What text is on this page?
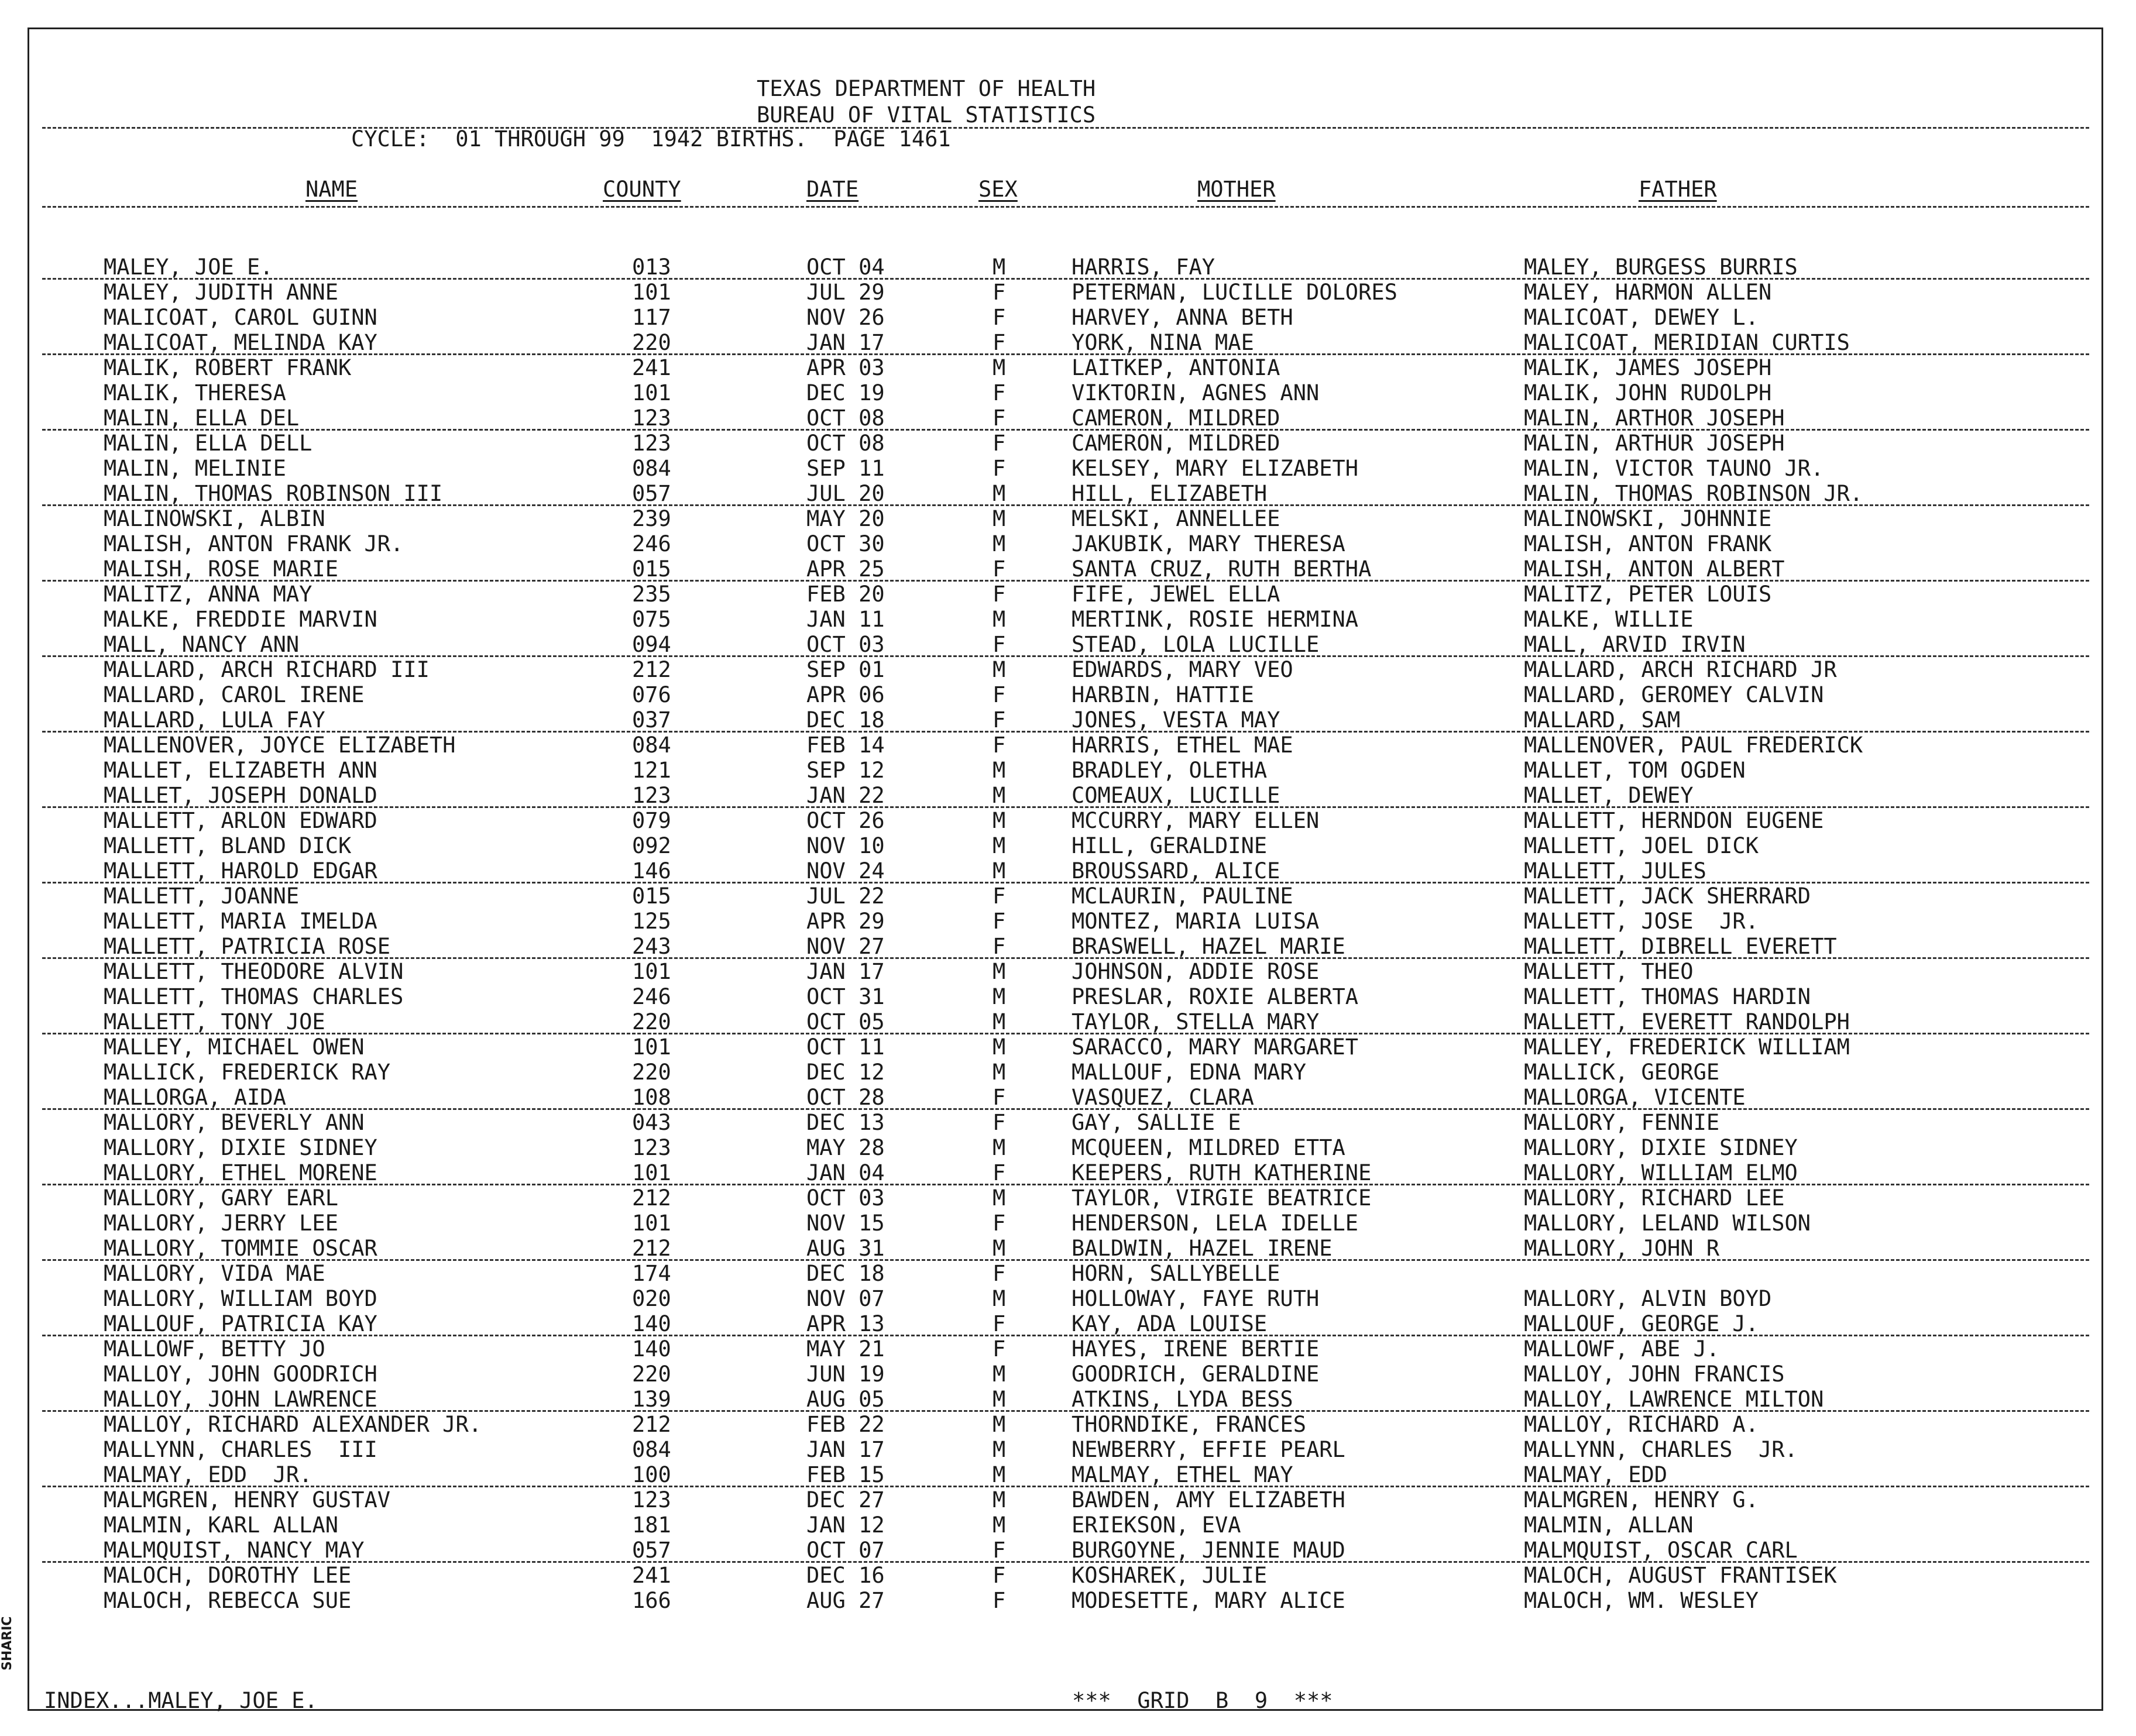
TEXAS DEPARTMENT OF HEALTH
BUREAU OF VITAL STATISTICS
CYCLE:  01 THROUGH 99  1942 BIRTHS.  PAGE 1461
NAME	COUNTY	DATE	SEX	MOTHER	FATHER
MALEY, JOE E.	013	OCT 04	M	HARRIS, FAY	MALEY, BURGESS BURRIS
MALEY, JUDITH ANNE	101	JUL 29	F	PETERMAN, LUCILLE DOLORES	MALEY, HARMON ALLEN
MALICOAT, CAROL GUINN	117	NOV 26	F	HARVEY, ANNA BETH	MALICOAT, DEWEY L.
MALICOAT, MELINDA KAY	220	JAN 17	F	YORK, NINA MAE	MALICOAT, MERIDIAN CURTIS
MALIK, ROBERT FRANK	241	APR 03	M	LAITKEP, ANTONIA	MALIK, JAMES JOSEPH
MALIK, THERESA	101	DEC 19	F	VIKTORIN, AGNES ANN	MALIK, JOHN RUDOLPH
MALIN, ELLA DEL	123	OCT 08	F	CAMERON, MILDRED	MALIN, ARTHOR JOSEPH
MALIN, ELLA DELL	123	OCT 08	F	CAMERON, MILDRED	MALIN, ARTHUR JOSEPH
MALIN, MELINIE	084	SEP 11	F	KELSEY, MARY ELIZABETH	MALIN, VICTOR TAUNO JR.
MALIN, THOMAS ROBINSON III	057	JUL 20	M	HILL, ELIZABETH	MALIN, THOMAS ROBINSON JR.
MALINOWSKI, ALBIN	239	MAY 20	M	MELSKI, ANNELLEE	MALINOWSKI, JOHNNIE
MALISH, ANTON FRANK JR.	246	OCT 30	M	JAKUBIK, MARY THERESA	MALISH, ANTON FRANK
MALISH, ROSE MARIE	015	APR 25	F	SANTA CRUZ, RUTH BERTHA	MALISH, ANTON ALBERT
MALITZ, ANNA MAY	235	FEB 20	F	FIFE, JEWEL ELLA	MALITZ, PETER LOUIS
MALKE, FREDDIE MARVIN	075	JAN 11	M	MERTINK, ROSIE HERMINA	MALKE, WILLIE
MALL, NANCY ANN	094	OCT 03	F	STEAD, LOLA LUCILLE	MALL, ARVID IRVIN
MALLARD, ARCH RICHARD III	212	SEP 01	M	EDWARDS, MARY VEO	MALLARD, ARCH RICHARD JR
MALLARD, CAROL IRENE	076	APR 06	F	HARBIN, HATTIE	MALLARD, GEROMEY CALVIN
MALLARD, LULA FAY	037	DEC 18	F	JONES, VESTA MAY	MALLARD, SAM
MALLENOVER, JOYCE ELIZABETH	084	FEB 14	F	HARRIS, ETHEL MAE	MALLENOVER, PAUL FREDERICK
MALLET, ELIZABETH ANN	121	SEP 12	M	BRADLEY, OLETHA	MALLET, TOM OGDEN
MALLET, JOSEPH DONALD	123	JAN 22	M	COMEAUX, LUCILLE	MALLET, DEWEY
MALLETT, ARLON EDWARD	079	OCT 26	M	MCCURRY, MARY ELLEN	MALLETT, HERNDON EUGENE
MALLETT, BLAND DICK	092	NOV 10	M	HILL, GERALDINE	MALLETT, JOEL DICK
MALLETT, HAROLD EDGAR	146	NOV 24	M	BROUSSARD, ALICE	MALLETT, JULES
MALLETT, JOANNE	015	JUL 22	F	MCLAURIN, PAULINE	MALLETT, JACK SHERRARD
MALLETT, MARIA IMELDA	125	APR 29	F	MONTEZ, MARIA LUISA	MALLETT, JOSE  JR.
MALLETT, PATRICIA ROSE	243	NOV 27	F	BRASWELL, HAZEL MARIE	MALLETT, DIBRELL EVERETT
MALLETT, THEODORE ALVIN	101	JAN 17	M	JOHNSON, ADDIE ROSE	MALLETT, THEO
MALLETT, THOMAS CHARLES	246	OCT 31	M	PRESLAR, ROXIE ALBERTA	MALLETT, THOMAS HARDIN
MALLETT, TONY JOE	220	OCT 05	M	TAYLOR, STELLA MARY	MALLETT, EVERETT RANDOLPH
MALLEY, MICHAEL OWEN	101	OCT 11	M	SARACCO, MARY MARGARET	MALLEY, FREDERICK WILLIAM
MALLICK, FREDERICK RAY	220	DEC 12	M	MALLOUF, EDNA MARY	MALLICK, GEORGE
MALLORGA, AIDA	108	OCT 28	F	VASQUEZ, CLARA	MALLORGA, VICENTE
MALLORY, BEVERLY ANN	043	DEC 13	F	GAY, SALLIE E	MALLORY, FENNIE
MALLORY, DIXIE SIDNEY	123	MAY 28	M	MCQUEEN, MILDRED ETTA	MALLORY, DIXIE SIDNEY
MALLORY, ETHEL MORENE	101	JAN 04	F	KEEPERS, RUTH KATHERINE	MALLORY, WILLIAM ELMO
MALLORY, GARY EARL	212	OCT 03	M	TAYLOR, VIRGIE BEATRICE	MALLORY, RICHARD LEE
MALLORY, JERRY LEE	101	NOV 15	F	HENDERSON, LELA IDELLE	MALLORY, LELAND WILSON
MALLORY, TOMMIE OSCAR	212	AUG 31	M	BALDWIN, HAZEL IRENE	MALLORY, JOHN R
MALLORY, VIDA MAE	174	DEC 18	F	HORN, SALLYBELLE
MALLORY, WILLIAM BOYD	020	NOV 07	M	HOLLOWAY, FAYE RUTH	MALLORY, ALVIN BOYD
MALLOUF, PATRICIA KAY	140	APR 13	F	KAY, ADA LOUISE	MALLOUF, GEORGE J.
MALLOWF, BETTY JO	140	MAY 21	F	HAYES, IRENE BERTIE	MALLOWF, ABE J.
MALLOY, JOHN GOODRICH	220	JUN 19	M	GOODRICH, GERALDINE	MALLOY, JOHN FRANCIS
MALLOY, JOHN LAWRENCE	139	AUG 05	M	ATKINS, LYDA BESS	MALLOY, LAWRENCE MILTON
MALLOY, RICHARD ALEXANDER JR.	212	FEB 22	M	THORNDIKE, FRANCES	MALLOY, RICHARD A.
MALLYNN, CHARLES  III	084	JAN 17	M	NEWBERRY, EFFIE PEARL	MALLYNN, CHARLES  JR.
MALMAY, EDD  JR.	100	FEB 15	M	MALMAY, ETHEL MAY	MALMAY, EDD
MALMGREN, HENRY GUSTAV	123	DEC 27	M	BAWDEN, AMY ELIZABETH	MALMGREN, HENRY G.
MALMIN, KARL ALLAN	181	JAN 12	M	ERIEKSON, EVA	MALMIN, ALLAN
MALMQUIST, NANCY MAY	057	OCT 07	F	BURGOYNE, JENNIE MAUD	MALMQUIST, OSCAR CARL
MALOCH, DOROTHY LEE	241	DEC 16	F	KOSHAREK, JULIE	MALOCH, AUGUST FRANTISEK
MALOCH, REBECCA SUE	166	AUG 27	F	MODESETTE, MARY ALICE	MALOCH, WM. WESLEY
INDEX...MALEY, JOE E.	***  GRID  B  9  ***
SHARIC
